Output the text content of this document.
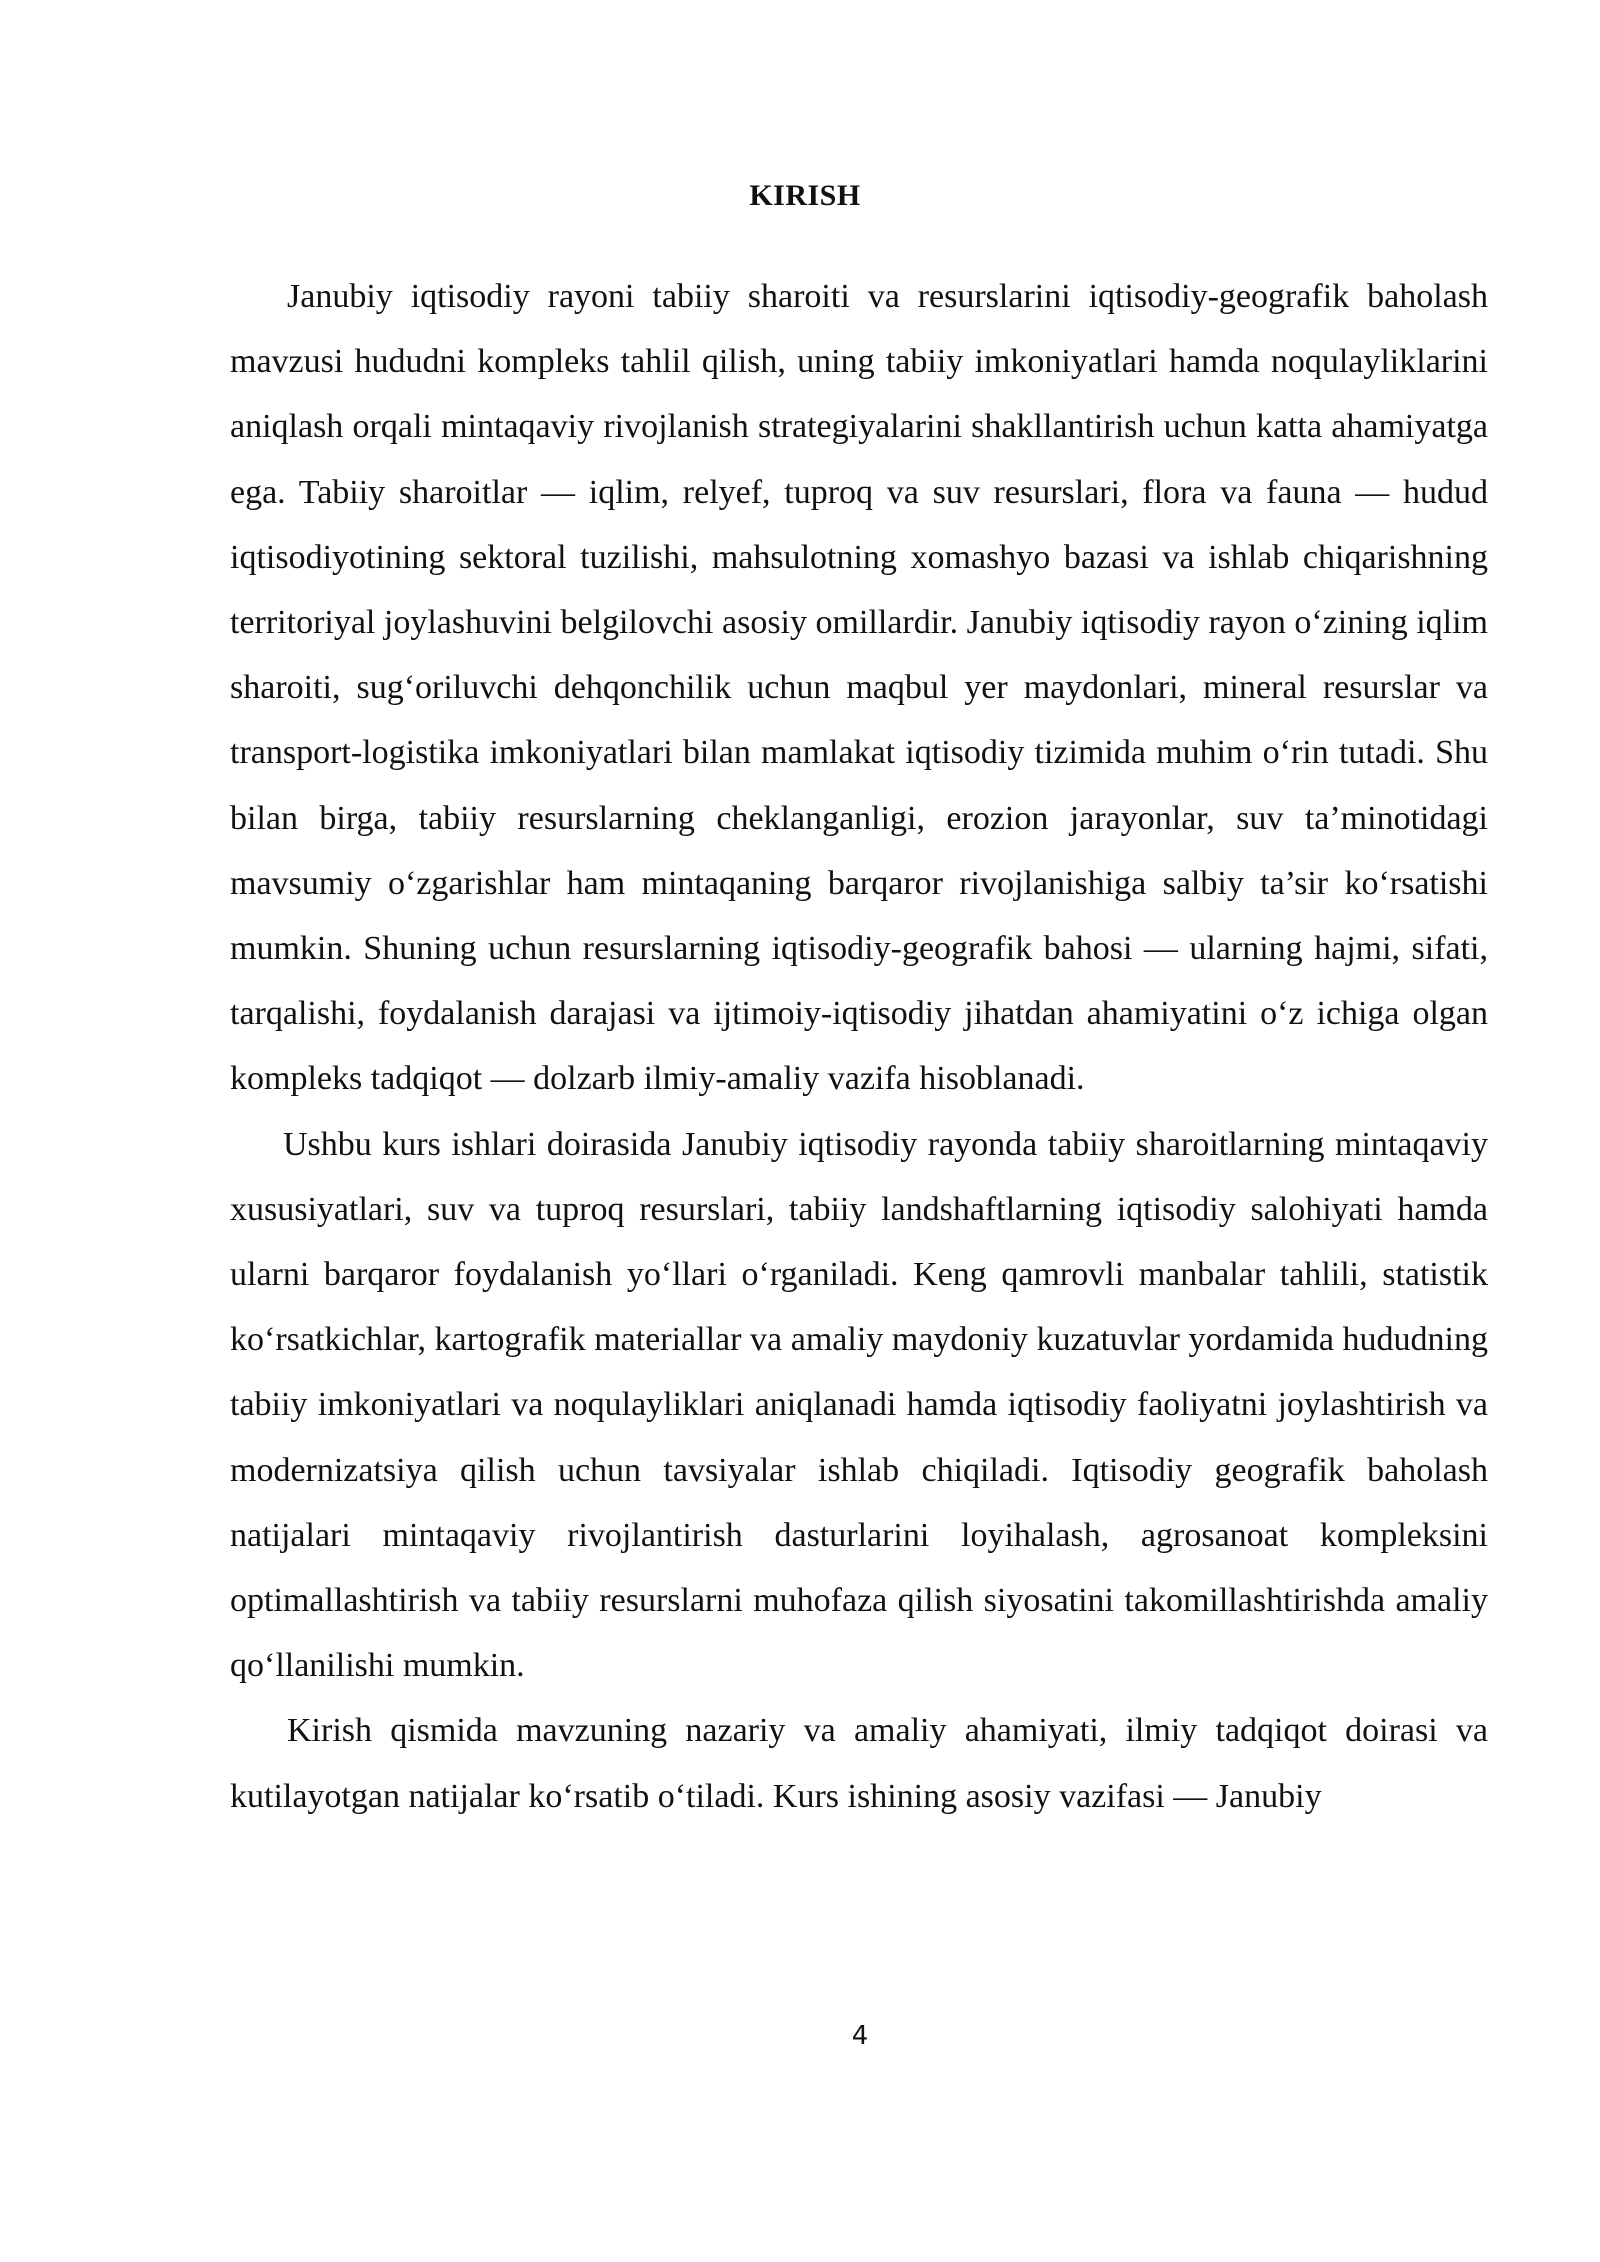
KIRISH

Janubiy iqtisodiy rayoni tabiiy sharoiti va resurslarini iqtisodiy-geografik baholash mavzusi hududni kompleks tahlil qilish, uning tabiiy imkoniyatlari hamda noqulayliklarini aniqlash orqali mintaqaviy rivojlanish strategiyalarini shakllantirish uchun katta ahamiyatga ega. Tabiiy sharoitlar — iqlim, relyef, tuproq va suv resurslari, flora va fauna — hudud iqtisodiyotining sektoral tuzilishi, mahsulotning xomashyo bazasi va ishlab chiqarishning territoriyal joylashuvini belgilovchi asosiy omillardir. Janubiy iqtisodiy rayon o‘zining iqlim sharoiti, sug‘oriluvchi dehqonchilik uchun maqbul yer maydonlari, mineral resurslar va transport-logistika imkoniyatlari bilan mamlakat iqtisodiy tizimida muhim o‘rin tutadi. Shu bilan birga, tabiiy resurslarning cheklanganligi, erozion jarayonlar, suv ta’minotidagi mavsumiy o‘zgarishlar ham mintaqaning barqaror rivojlanishiga salbiy ta’sir ko‘rsatishi mumkin. Shuning uchun resurslarning iqtisodiy-geografik bahosi — ularning hajmi, sifati, tarqalishi, foydalanish darajasi va ijtimoiy-iqtisodiy jihatdan ahamiyatini o‘z ichiga olgan kompleks tadqiqot — dolzarb ilmiy-amaliy vazifa hisoblanadi.

Ushbu kurs ishlari doirasida Janubiy iqtisodiy rayonda tabiiy sharoitlarning mintaqaviy xususiyatlari, suv va tuproq resurslari, tabiiy landshaftlarning iqtisodiy salohiyati hamda ularni barqaror foydalanish yo‘llari o‘rganiladi. Keng qamrovli manbalar tahlili, statistik ko‘rsatkichlar, kartografik materiallar va amaliy maydoniy kuzatuvlar yordamida hududning tabiiy imkoniyatlari va noqulayliklari aniqlanadi hamda iqtisodiy faoliyatni joylashtirish va modernizatsiya qilish uchun tavsiyalar ishlab chiqiladi. Iqtisodiy geografik baholash natijalari mintaqaviy rivojlantirish dasturlarini loyihalash, agrosanoat kompleksini optimallashtirish va tabiiy resurslarni muhofaza qilish siyosatini takomillashtirishda amaliy qo‘llanilishi mumkin.

Kirish qismida mavzuning nazariy va amaliy ahamiyati, ilmiy tadqiqot doirasi va kutilayotgan natijalar ko‘rsatib o‘tiladi. Kurs ishining asosiy vazifasi — Janubiy

4
